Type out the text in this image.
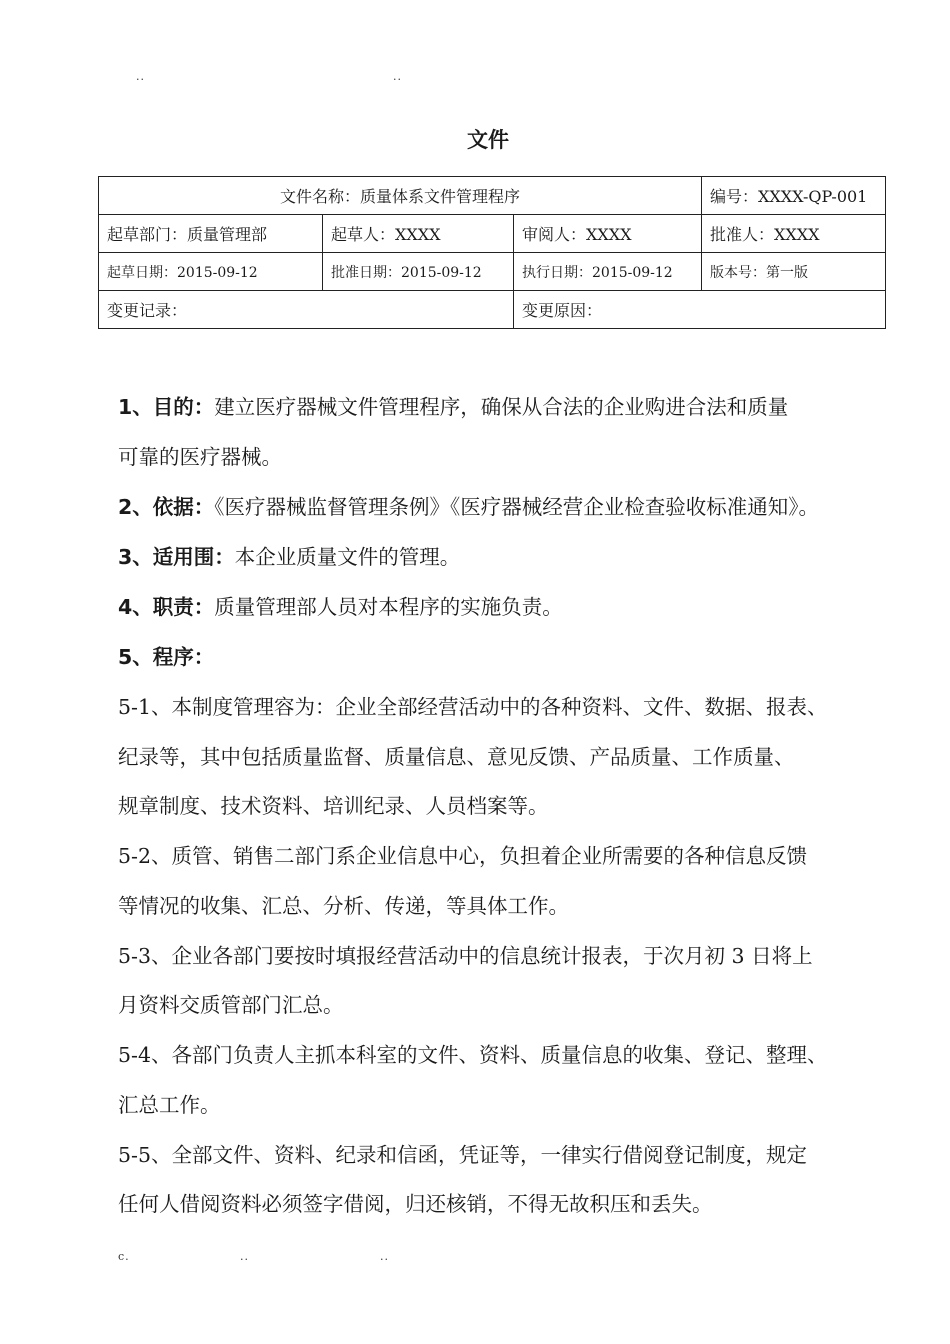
..	..
文件
文件名称：质量体系文件管理程序			编号：XXXX-QP-001
起草部门：质量管理部	起草人：XXXX	审阅人：XXXX	批准人：XXXX
起草日期：2015-09-12	批准日期：2015-09-12	执行日期：2015-09-12	版本号：第一版
变更记录：		变更原因：	
1、目的：建立医疗器械文件管理程序，确保从合法的企业购进合法和质量
可靠的医疗器械。
2、依据：《医疗器械监督管理条例》《医疗器械经营企业检查验收标准通知》。
3、适用围：本企业质量文件的管理。
4、职责：质量管理部人员对本程序的实施负责。
5、程序：
5-1、本制度管理容为：企业全部经营活动中的各种资料、文件、数据、报表、
纪录等，其中包括质量监督、质量信息、意见反馈、产品质量、工作质量、
规章制度、技术资料、培训纪录、人员档案等。
5-2、质管、销售二部门系企业信息中心，负担着企业所需要的各种信息反馈
等情况的收集、汇总、分析、传递，等具体工作。
5-3、企业各部门要按时填报经营活动中的信息统计报表，于次月初 3 日将上
月资料交质管部门汇总。
5-4、各部门负责人主抓本科室的文件、资料、质量信息的收集、登记、整理、
汇总工作。
5-5、全部文件、资料、纪录和信函，凭证等，一律实行借阅登记制度，规定
任何人借阅资料必须签字借阅，归还核销，不得无故积压和丢失。
c.	..	..
